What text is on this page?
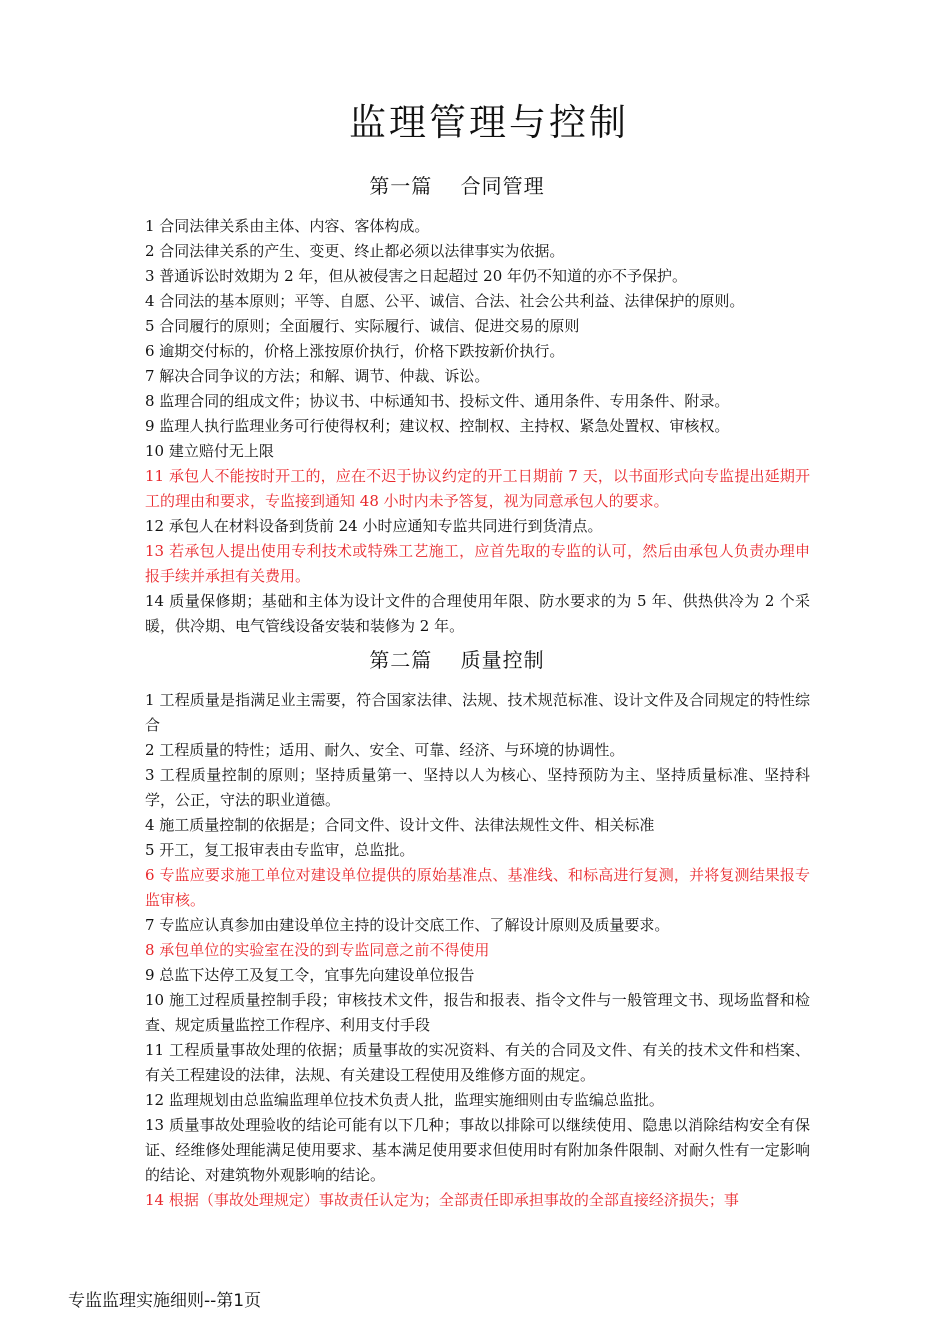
监理管理与控制
第一篇　 合同管理

1 合同法律关系由主体、内容、客体构成。

2 合同法律关系的产生、变更、终止都必须以法律事实为依据。

3 普通诉讼时效期为 2 年，但从被侵害之日起超过 20 年仍不知道的亦不予保护。

4 合同法的基本原则；平等、自愿、公平、诚信、合法、社会公共利益、法律保护的原则。

5 合同履行的原则；全面履行、实际履行、诚信、促进交易的原则

6 逾期交付标的，价格上涨按原价执行，价格下跌按新价执行。

7 解决合同争议的方法；和解、调节、仲裁、诉讼。

8 监理合同的组成文件；协议书、中标通知书、投标文件、通用条件、专用条件、附录。

9 监理人执行监理业务可行使得权利；建议权、控制权、主持权、紧急处置权、审核权。

10 建立赔付无上限

11 承包人不能按时开工的，应在不迟于协议约定的开工日期前 7 天，以书面形式向专监提出延期开工的理由和要求，专监接到通知 48 小时内未予答复，视为同意承包人的要求。

12 承包人在材料设备到货前 24 小时应通知专监共同进行到货清点。

13 若承包人提出使用专利技术或特殊工艺施工，应首先取的专监的认可，然后由承包人负责办理申报手续并承担有关费用。

14 质量保修期；基础和主体为设计文件的合理使用年限、防水要求的为 5 年、供热供冷为 2 个采暖，供冷期、电气管线设备安装和装修为 2 年。

第二篇　 质量控制

1 工程质量是指满足业主需要，符合国家法律、法规、技术规范标准、设计文件及合同规定的特性综合

2 工程质量的特性；适用、耐久、安全、可靠、经济、与环境的协调性。

3 工程质量控制的原则；坚持质量第一、坚持以人为核心、坚持预防为主、坚持质量标准、坚持科学，公正，守法的职业道德。

4 施工质量控制的依据是；合同文件、设计文件、法律法规性文件、相关标准

5 开工，复工报审表由专监审，总监批。

6 专监应要求施工单位对建设单位提供的原始基准点、基准线、和标高进行复测，并将复测结果报专监审核。

7 专监应认真参加由建设单位主持的设计交底工作、了解设计原则及质量要求。

8 承包单位的实验室在没的到专监同意之前不得使用

9 总监下达停工及复工令，宜事先向建设单位报告

10 施工过程质量控制手段；审核技术文件，报告和报表、指令文件与一般管理文书、现场监督和检查、规定质量监控工作程序、利用支付手段

11 工程质量事故处理的依据；质量事故的实况资料、有关的合同及文件、有关的技术文件和档案、有关工程建设的法律，法规、有关建设工程使用及维修方面的规定。

12 监理规划由总监编监理单位技术负责人批，监理实施细则由专监编总监批。

13 质量事故处理验收的结论可能有以下几种；事故以排除可以继续使用、隐患以消除结构安全有保证、经维修处理能满足使用要求、基本满足使用要求但使用时有附加条件限制、对耐久性有一定影响的结论、对建筑物外观影响的结论。

14 根据（事故处理规定）事故责任认定为；全部责任即承担事故的全部直接经济损失；事

专监监理实施细则--第1页
